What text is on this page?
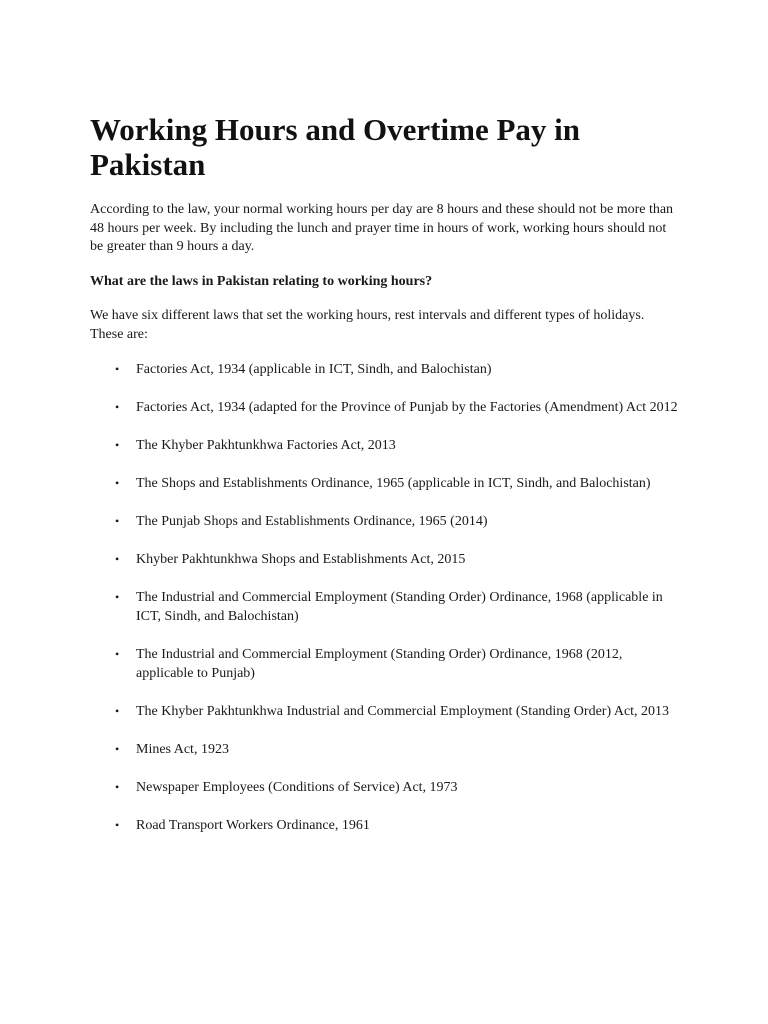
Working Hours and Overtime Pay in Pakistan

According to the law, your normal working hours per day are 8 hours and these should not be more than 48 hours per week. By including the lunch and prayer time in hours of work, working hours should not be greater than 9 hours a day.

What are the laws in Pakistan relating to working hours?

We have six different laws that set the working hours, rest intervals and different types of holidays. These are:

• Factories Act, 1934 (applicable in ICT, Sindh, and Balochistan)
• Factories Act, 1934 (adapted for the Province of Punjab by the Factories (Amendment) Act 2012
• The Khyber Pakhtunkhwa Factories Act, 2013
• The Shops and Establishments Ordinance, 1965 (applicable in ICT, Sindh, and Balochistan)
• The Punjab Shops and Establishments Ordinance, 1965 (2014)
• Khyber Pakhtunkhwa Shops and Establishments Act, 2015
• The Industrial and Commercial Employment (Standing Order) Ordinance, 1968 (applicable in ICT, Sindh, and Balochistan)
• The Industrial and Commercial Employment (Standing Order) Ordinance, 1968 (2012, applicable to Punjab)
• The Khyber Pakhtunkhwa Industrial and Commercial Employment (Standing Order) Act, 2013
• Mines Act, 1923
• Newspaper Employees (Conditions of Service) Act, 1973
• Road Transport Workers Ordinance, 1961
